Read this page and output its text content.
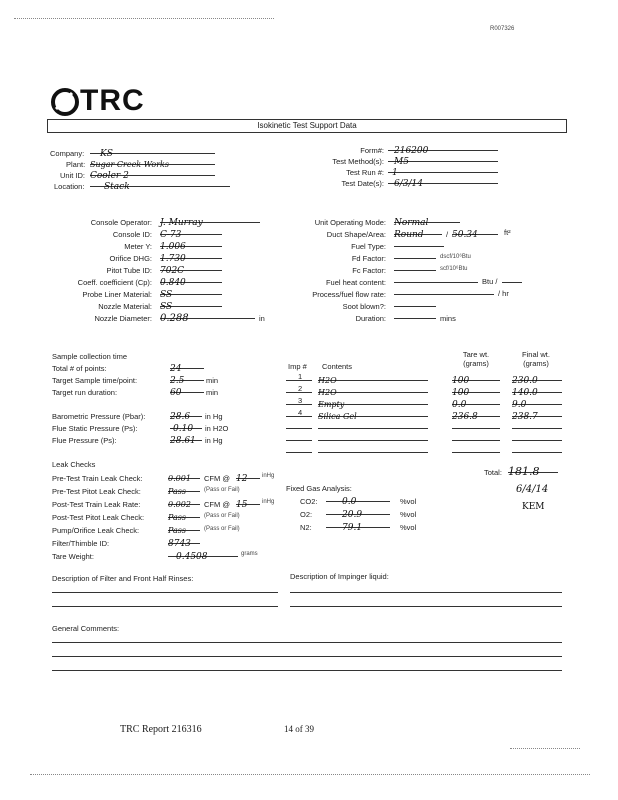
R007326
TRC
Isokinetic Test Support Data
Company:	KS
Plant: Sugar Creek Works
Unit ID: Cooler 2
Location:	Stack
Form#:	216200
Test Method(s):	M5
Test Run #: 1
Test Date(s):	6/3/14
Console Operator: J. Murray
Console ID: C-73
Meter Y: 1.006
Orifice DHG: 1.730
Pitot Tube ID: 702C
Coeff. coefficient (Cp): 0.840
Probe Liner Material: SS
Nozzle Material: SS
Nozzle Diameter: 0.288	in
Unit Operating Mode: Normal
Duct Shape/Area: Round	/ 50.34	ft²
Fuel Type:
Fd Factor:	dscf/10⁶Btu
Fc Factor:	scf/10⁶Btu
Fuel heat content:	Btu /
Process/fuel flow rate:	/ hr
Soot blown?:
Duration:	mins
Sample collection time
Total # of points:	24
Target Sample time/point:	2.5	min
Target run duration:	60	min
Barometric Pressure (Pbar):	28.6	in Hg
Flue Static Pressure (Ps):	-0.10	in H2O
Flue Pressure (Ps):	28.61	in Hg
Imp # Contents
Tare wt. (grams)
Final wt. (grams)
1 H2O	100	230.0
2 H2O	100	140.0
3 Empty	0.0	9.0
4 Silica Gel	236.8	238.7
Total: 181.8
6/4/14
KEM
Leak Checks
Pre-Test Train Leak Check:	0.001	CFM @ 12	inHg
Pre-Test Pitot Leak Check:	Pass	(Pass or Fail)
Post-Test Train Leak Rate:	0.002	CFM @ 15	inHg
Post-Test Pitot Leak Check:	Pass	(Pass or Fail)
Pump/Orifice Leak Check:	Pass	(Pass or Fail)
Filter/Thimble ID:	8743
Tare Weight:	0.4508	grams
Fixed Gas Analysis:
CO2:	0.0	%vol
O2:	20.9	%vol
N2:	79.1	%vol
Description of Filter and Front Half Rinses:	Description of Impinger liquid:
General Comments:
TRC Report 216316	14 of 39
